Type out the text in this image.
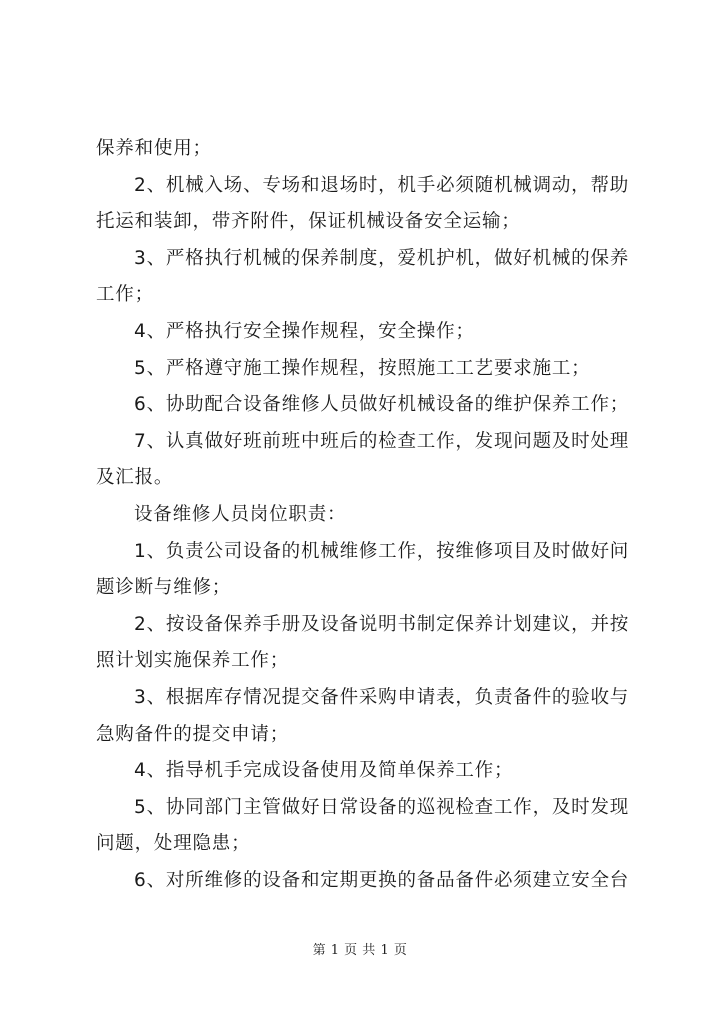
保养和使用；
2、机械入场、专场和退场时，机手必须随机械调动，帮助
托运和装卸，带齐附件，保证机械设备安全运输；
3、严格执行机械的保养制度，爱机护机，做好机械的保养
工作；
4、严格执行安全操作规程，安全操作；
5、严格遵守施工操作规程，按照施工工艺要求施工；
6、协助配合设备维修人员做好机械设备的维护保养工作；
7、认真做好班前班中班后的检查工作，发现问题及时处理
及汇报。
设备维修人员岗位职责：
1、负责公司设备的机械维修工作，按维修项目及时做好问
题诊断与维修；
2、按设备保养手册及设备说明书制定保养计划建议，并按
照计划实施保养工作；
3、根据库存情况提交备件采购申请表，负责备件的验收与
急购备件的提交申请；
4、指导机手完成设备使用及简单保养工作；
5、协同部门主管做好日常设备的巡视检查工作，及时发现
问题，处理隐患；
6、对所维修的设备和定期更换的备品备件必须建立安全台
第 1 页 共 1 页
